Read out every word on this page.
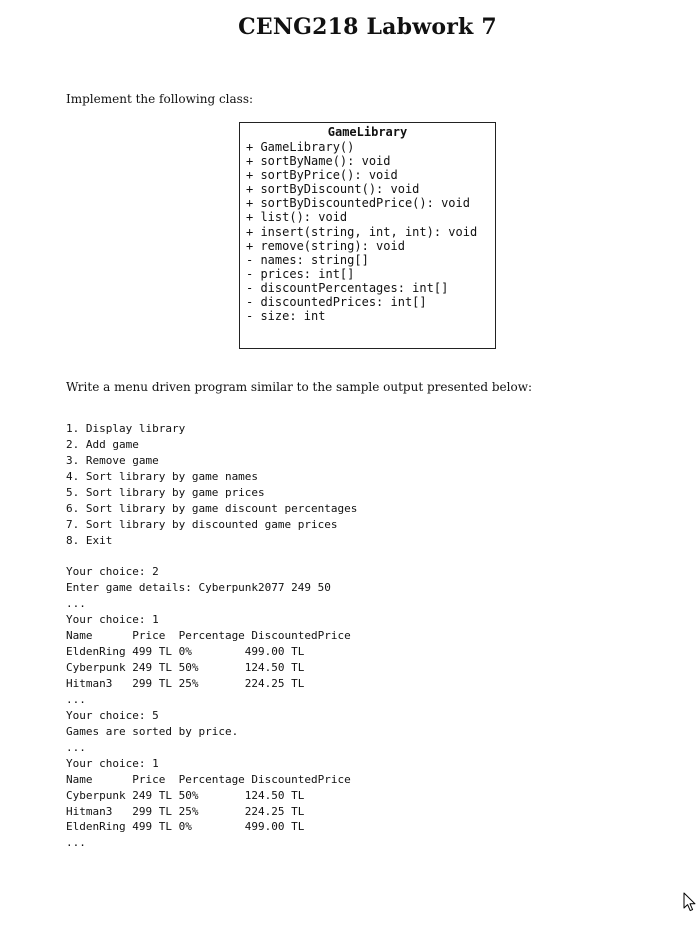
CENG218 Labwork 7
Implement the following class:
GameLibrary
+ GameLibrary()
+ sortByName(): void
+ sortByPrice(): void
+ sortByDiscount(): void
+ sortByDiscountedPrice(): void
+ list(): void
+ insert(string, int, int): void
+ remove(string): void
- names: string[]
- prices: int[]
- discountPercentages: int[]
- discountedPrices: int[]
- size: int
Write a menu driven program similar to the sample output presented below:
1. Display library
2. Add game
3. Remove game
4. Sort library by game names
5. Sort library by game prices
6. Sort library by game discount percentages
7. Sort library by discounted game prices
8. Exit
Your choice: 2
Enter game details: Cyberpunk2077 249 50
...
Your choice: 1
Name      Price  Percentage DiscountedPrice
EldenRing 499 TL 0%        499.00 TL
Cyberpunk 249 TL 50%       124.50 TL
Hitman3   299 TL 25%       224.25 TL
...
Your choice: 5
Games are sorted by price.
...
Your choice: 1
Name      Price  Percentage DiscountedPrice
Cyberpunk 249 TL 50%       124.50 TL
Hitman3   299 TL 25%       224.25 TL
EldenRing 499 TL 0%        499.00 TL
...
